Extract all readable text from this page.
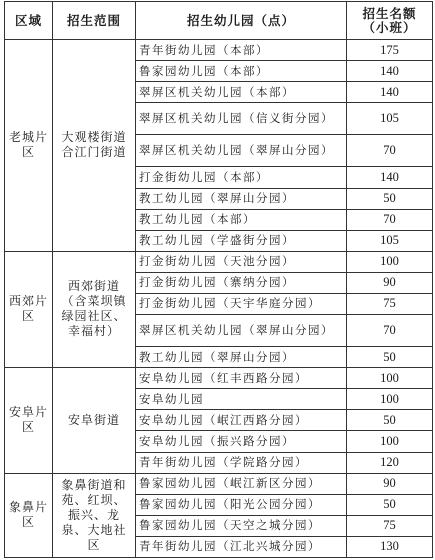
区域	招生范围	招生幼儿园（点）	招生名额
（小班）

老城片区	大观楼街道合江门街道	青年街幼儿园（本部）	175
		鲁家园幼儿园（本部）	140
		翠屏区机关幼儿园（本部）	140
		翠屏区机关幼儿园（信义街分园）	105
		翠屏区机关幼儿园（翠屏山分园）	70
		打金街幼儿园（本部）	140
		教工幼儿园（翠屏山分园）	50
		教工幼儿园（本部）	70
		教工幼儿园（学盛街分园）	105
西郊片区	西郊街道（含菜坝镇绿园社区、幸福村）	打金街幼儿园（天池分园）	100
		打金街幼儿园（寨纳分园）	90
		打金街幼儿园（天宇华庭分园）	75
		翠屏区机关幼儿园（翠屏山分园）	70
		教工幼儿园（翠屏山分园）	50
安阜片区	安阜街道	安阜幼儿园（红丰西路分园）	100
		安阜幼儿园	100
		安阜幼儿园（岷江西路分园）	50
		安阜幼儿园（振兴路分园）	100
		青年街幼儿园（学院路分园）	120
象鼻片区	象鼻街道和苑、红坝、振兴、龙泉、大地社区	鲁家园幼儿园（岷江新区分园）	90
		鲁家园幼儿园（阳光公园分园）	50
		鲁家园幼儿园（天空之城分园）	75
		青年街幼儿园（江北兴城分园）	130
